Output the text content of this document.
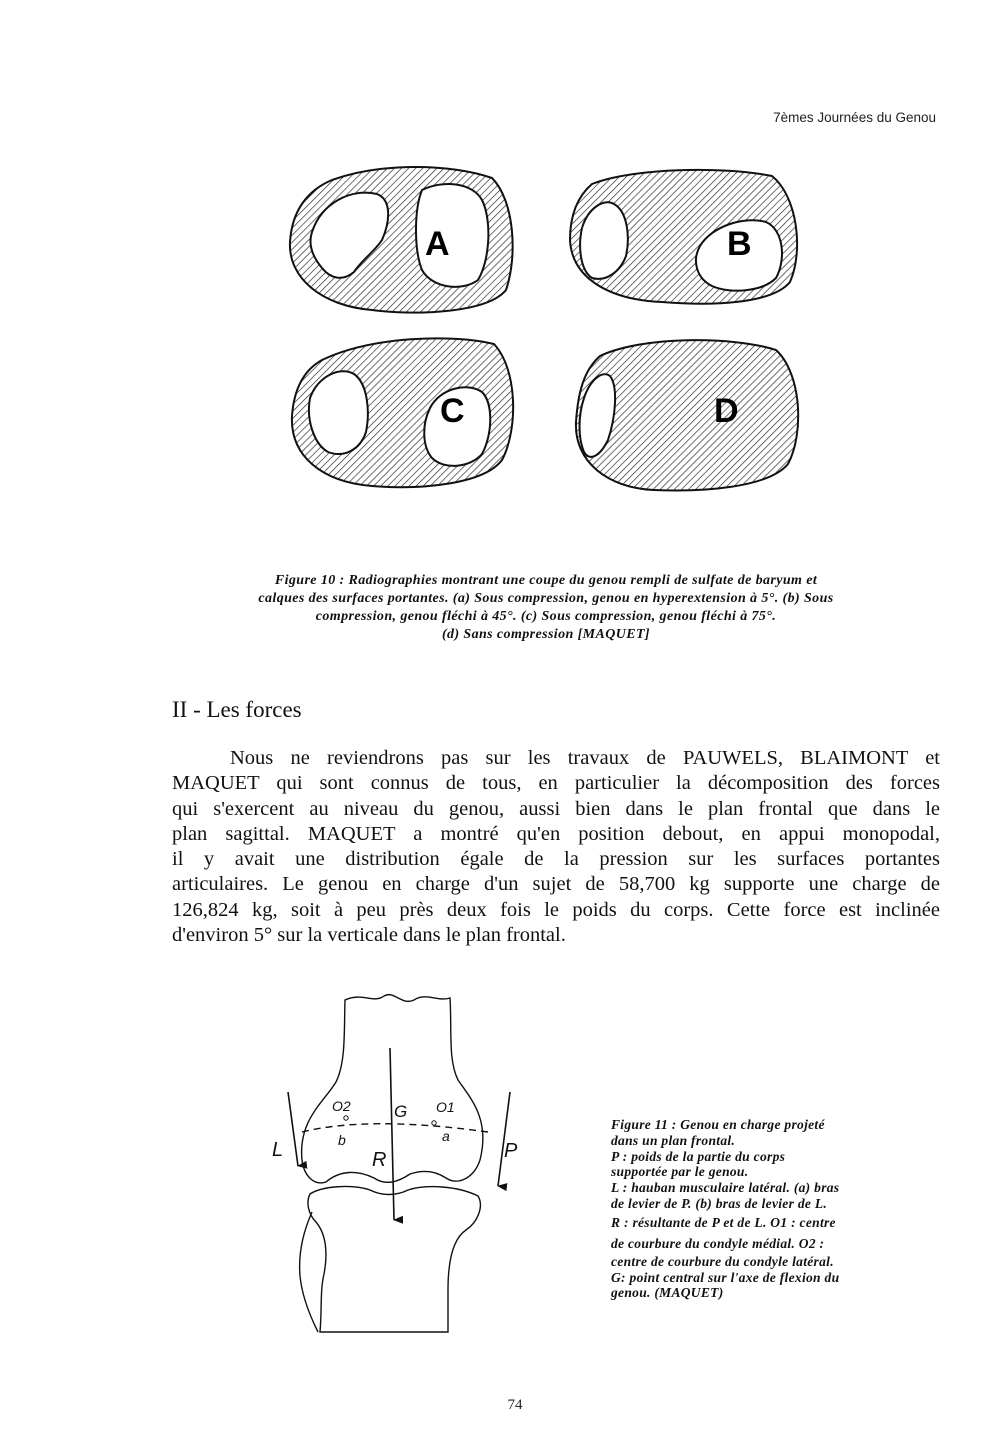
7èmes Journées du Genou
A	B
C	D
Figure 10 : Radiographies montrant une coupe du genou rempli de sulfate de baryum et
calques des surfaces portantes. (a) Sous compression, genou en hyperextension à 5°. (b) Sous
compression, genou fléchi à 45°. (c) Sous compression, genou fléchi à 75°.
(d) Sans compression [MAQUET]
II - Les forces
Nous ne reviendrons pas sur les travaux de PAUWELS, BLAIMONT et
MAQUET qui sont connus de tous, en particulier la décomposition des forces
qui s'exercent au niveau du genou, aussi bien dans le plan frontal que dans le
plan sagittal. MAQUET a montré qu'en position debout, en appui monopodal,
il y avait une distribution égale de la pression sur les surfaces portantes
articulaires. Le genou en charge d'un sujet de 58,700 kg supporte une charge de
126,824 kg, soit à peu près deux fois le poids du corps. Cette force est inclinée
d'environ 5° sur la verticale dans le plan frontal.
L	P
R
G
O2	O1
a
b
Figure 11 : Genou en charge projeté
dans un plan frontal.
P : poids de la partie du corps
supportée par le genou.
L : hauban musculaire latéral. (a) bras
de levier de P. (b) bras de levier de L.
R : résultante de P et de L. O1 : centre
de courbure du condyle médial. O2 :
centre de courbure du condyle latéral.
G: point central sur l'axe de flexion du
genou. (MAQUET)
74
